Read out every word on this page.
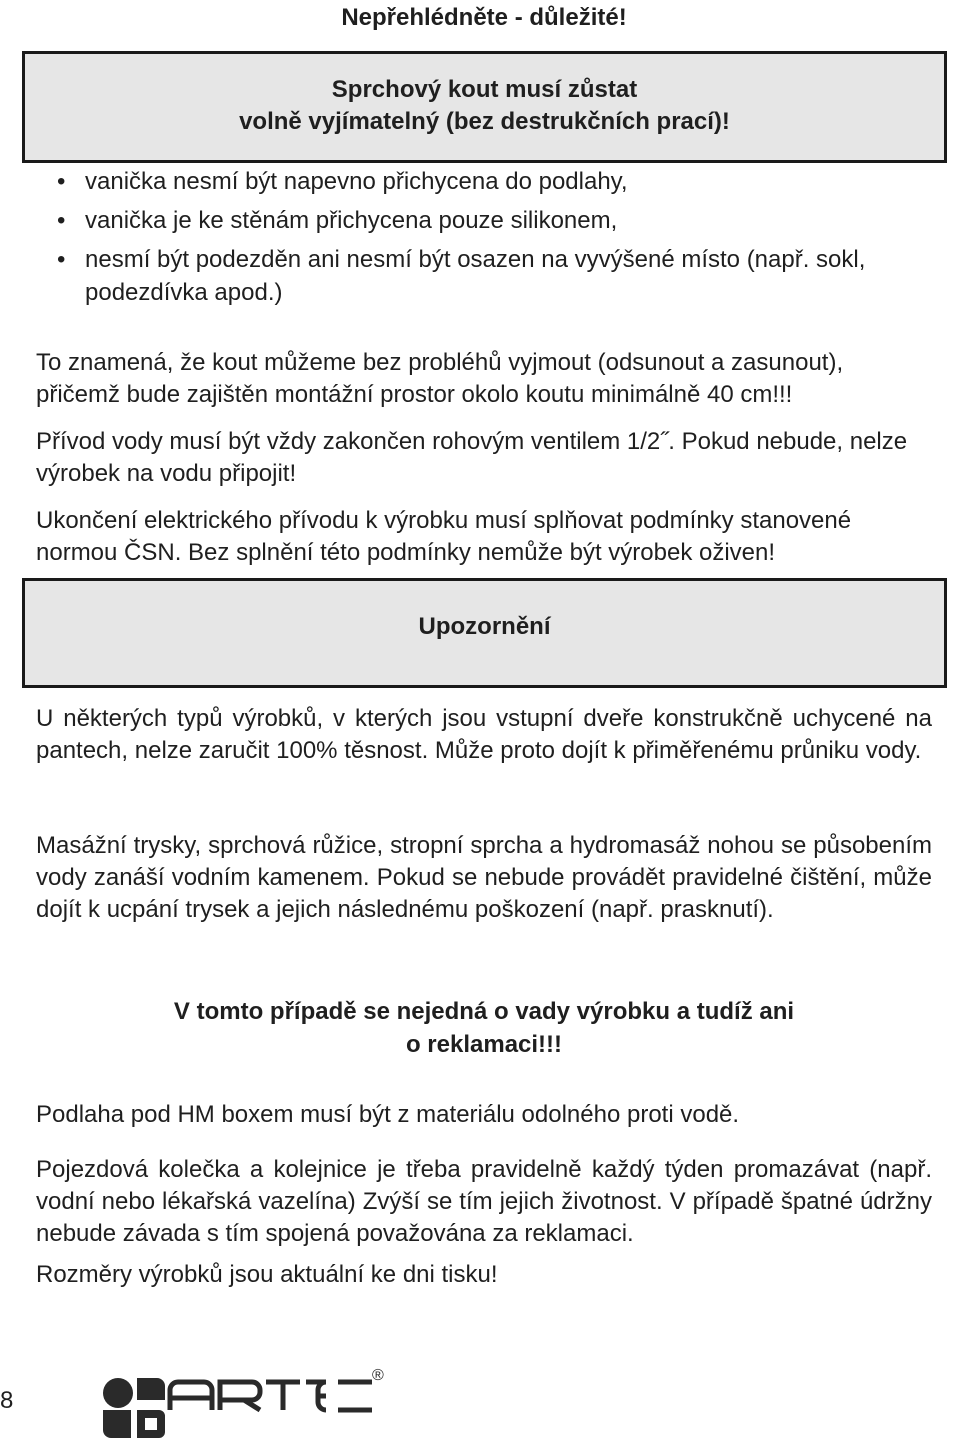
Nepřehlédněte - důležité!

Sprchový kout musí zůstat

volně vyjímatelný (bez destrukčních prací)!

• vanička nesmí být napevno přichycena do podlahy,
• vanička je ke stěnám přichycena pouze silikonem,
• nesmí být podezděn ani nesmí být osazen na vyvýšené místo (např. sokl, podezdívka apod.)

To znamená, že kout můžeme bez probléhů vyjmout (odsunout a zasunout), přičemž bude zajištěn montážní prostor okolo koutu minimálně 40 cm!!!

Přívod vody musí být vždy zakončen rohovým ventilem 1/2˝. Pokud nebude, nelze výrobek na vodu připojit!

Ukončení elektrického přívodu k výrobku musí splňovat podmínky stanovené normou ČSN. Bez splnění této podmínky nemůže být výrobek oživen!

Upozornění

U některých typů výrobků, v kterých jsou vstupní dveře konstrukčně uchycené na pantech, nelze zaručit 100% těsnost. Může proto dojít k přiměřenému průniku vody.

Masážní trysky, sprchová růžice, stropní sprcha a hydromasáž nohou se působením vody zanáší vodním kamenem. Pokud se nebude provádět pravidelné čištění, může dojít k ucpání trysek a jejich následnému poškození (např. prasknutí).

V tomto případě se nejedná o vady výrobku a tudíž ani

o reklamaci!!!

Podlaha pod HM boxem musí být z materiálu odolného proti vodě.

Pojezdová kolečka a kolejnice je třeba pravidelně každý týden promazávat (např. vodní nebo lékařská vazelína) Zvýší se tím jejich životnost. V případě špatné údržny nebude závada s tím spojená považována za reklamaci.

Rozměry výrobků jsou aktuální ke dni tisku!

8
®
